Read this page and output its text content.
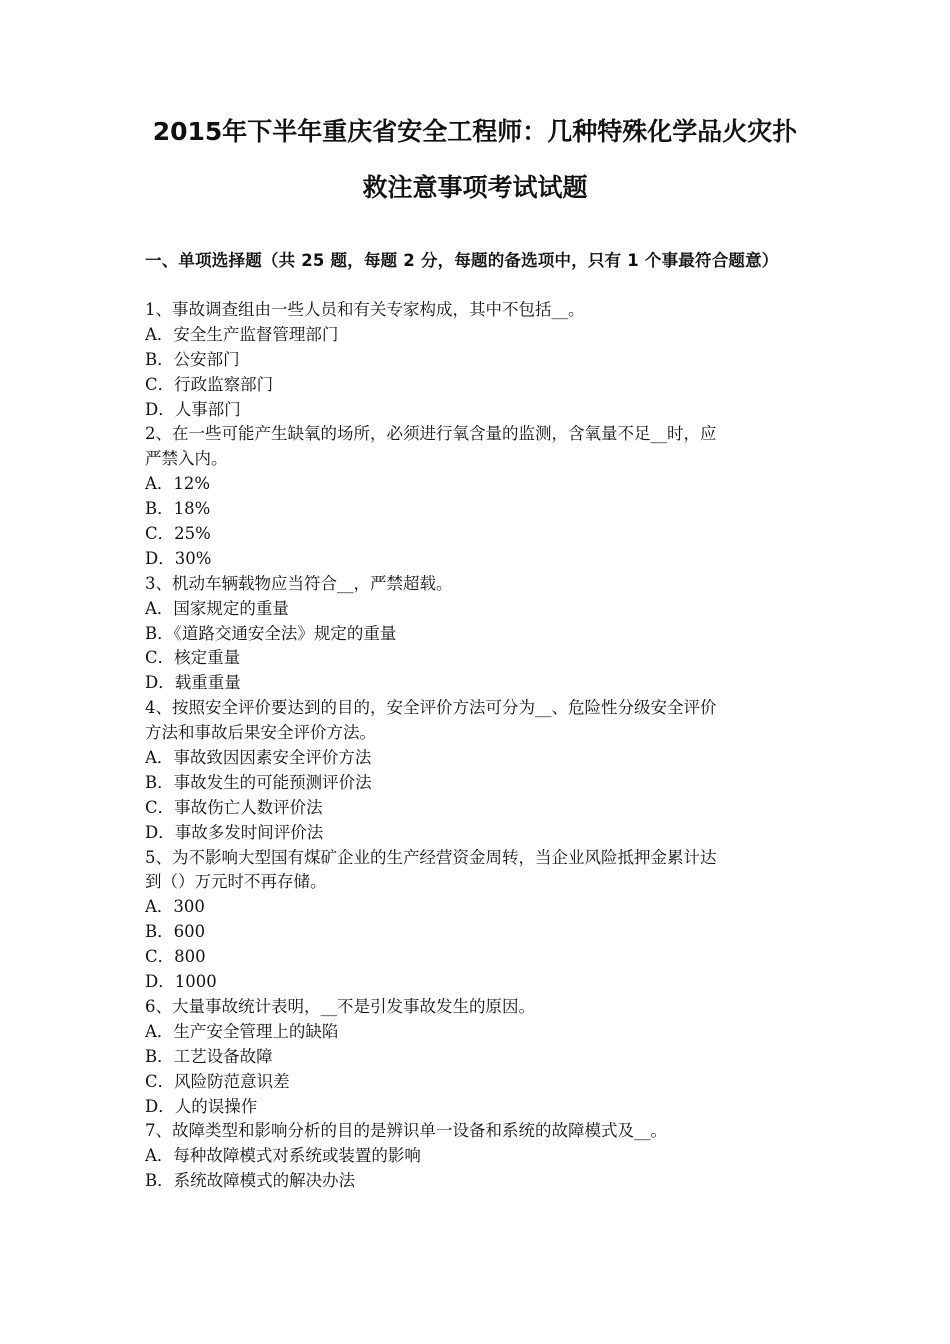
2015年下半年重庆省安全工程师：几种特殊化学品火灾扑
救注意事项考试试题
一、单项选择题（共 25 题，每题 2 分，每题的备选项中，只有 1 个事最符合题意）
1、事故调查组由一些人员和有关专家构成，其中不包括__。
A．安全生产监督管理部门
B．公安部门
C．行政监察部门
D．人事部门
2、在一些可能产生缺氧的场所，必须进行氧含量的监测，含氧量不足__时，应
严禁入内。
A．12%
B．18%
C．25%
D．30%
3、机动车辆载物应当符合__，严禁超载。
A．国家规定的重量
B．《道路交通安全法》规定的重量
C．核定重量
D．载重重量
4、按照安全评价要达到的目的，安全评价方法可分为__、危险性分级安全评价
方法和事故后果安全评价方法。
A．事故致因因素安全评价方法
B．事故发生的可能预测评价法
C．事故伤亡人数评价法
D．事故多发时间评价法
5、为不影响大型国有煤矿企业的生产经营资金周转，当企业风险抵押金累计达
到（）万元时不再存储。
A．300
B．600
C．800
D．1000
6、大量事故统计表明，__不是引发事故发生的原因。
A．生产安全管理上的缺陷
B．工艺设备故障
C．风险防范意识差
D．人的误操作
7、故障类型和影响分析的目的是辨识单一设备和系统的故障模式及__。
A．每种故障模式对系统或装置的影响
B．系统故障模式的解决办法
